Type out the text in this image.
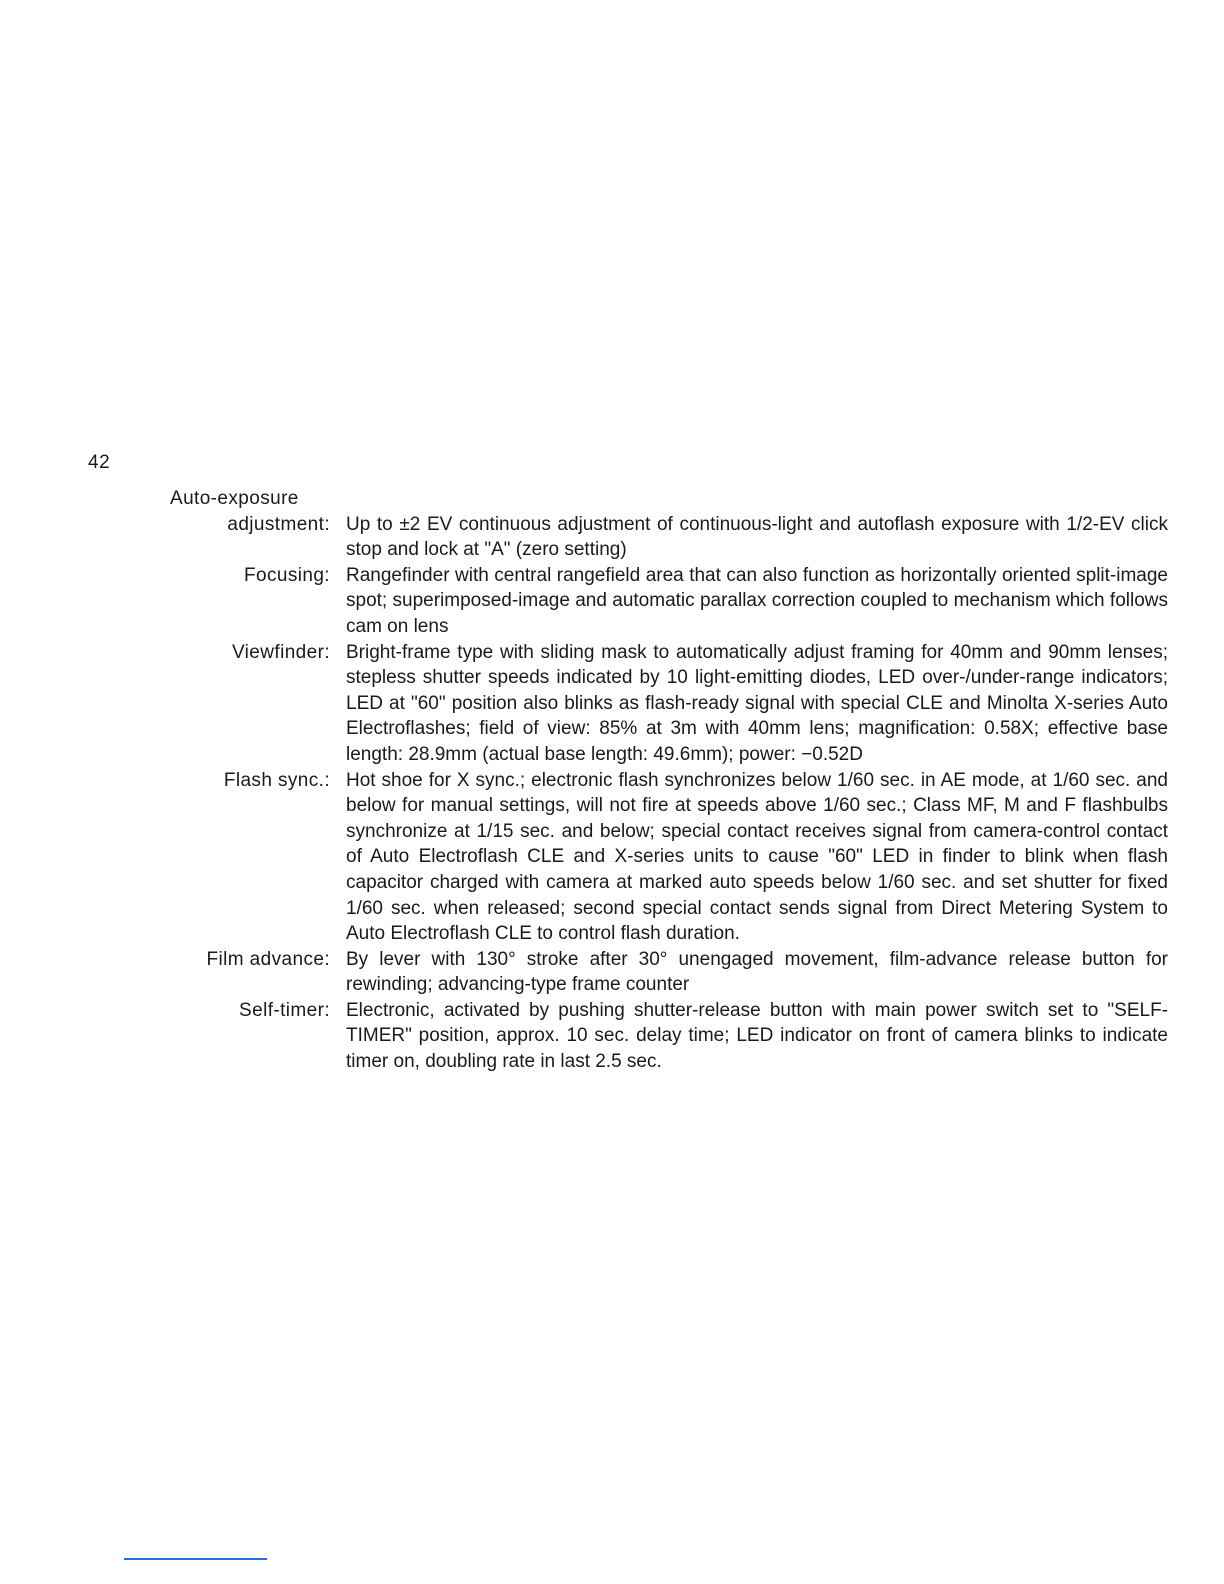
42
Auto-exposure
adjustment: Up to ±2 EV continuous adjustment of continuous-light and autoflash exposure with 1/2-EV click stop and lock at "A" (zero setting)
Focusing: Rangefinder with central rangefield area that can also function as horizontally oriented split-image spot; superimposed-image and automatic parallax correction coupled to mechanism which follows cam on lens
Viewfinder: Bright-frame type with sliding mask to automatically adjust framing for 40mm and 90mm lenses; stepless shutter speeds indicated by 10 light-emitting diodes, LED over-/under-range indicators; LED at "60" position also blinks as flash-ready signal with special CLE and Minolta X-series Auto Electroflashes; field of view: 85% at 3m with 40mm lens; magnification: 0.58X; effective base length: 28.9mm (actual base length: 49.6mm); power: −0.52D
Flash sync.: Hot shoe for X sync.; electronic flash synchronizes below 1/60 sec. in AE mode, at 1/60 sec. and below for manual settings, will not fire at speeds above 1/60 sec.; Class MF, M and F flashbulbs synchronize at 1/15 sec. and below; special contact receives signal from camera-control contact of Auto Electroflash CLE and X-series units to cause "60" LED in finder to blink when flash capacitor charged with camera at marked auto speeds below 1/60 sec. and set shutter for fixed 1/60 sec. when released; second special contact sends signal from Direct Metering System to Auto Electroflash CLE to control flash duration.
Film advance: By lever with 130° stroke after 30° unengaged movement, film-advance release button for rewinding; advancing-type frame counter
Self-timer: Electronic, activated by pushing shutter-release button with main power switch set to "SELF-TIMER" position, approx. 10 sec. delay time; LED indicator on front of camera blinks to indicate timer on, doubling rate in last 2.5 sec.
